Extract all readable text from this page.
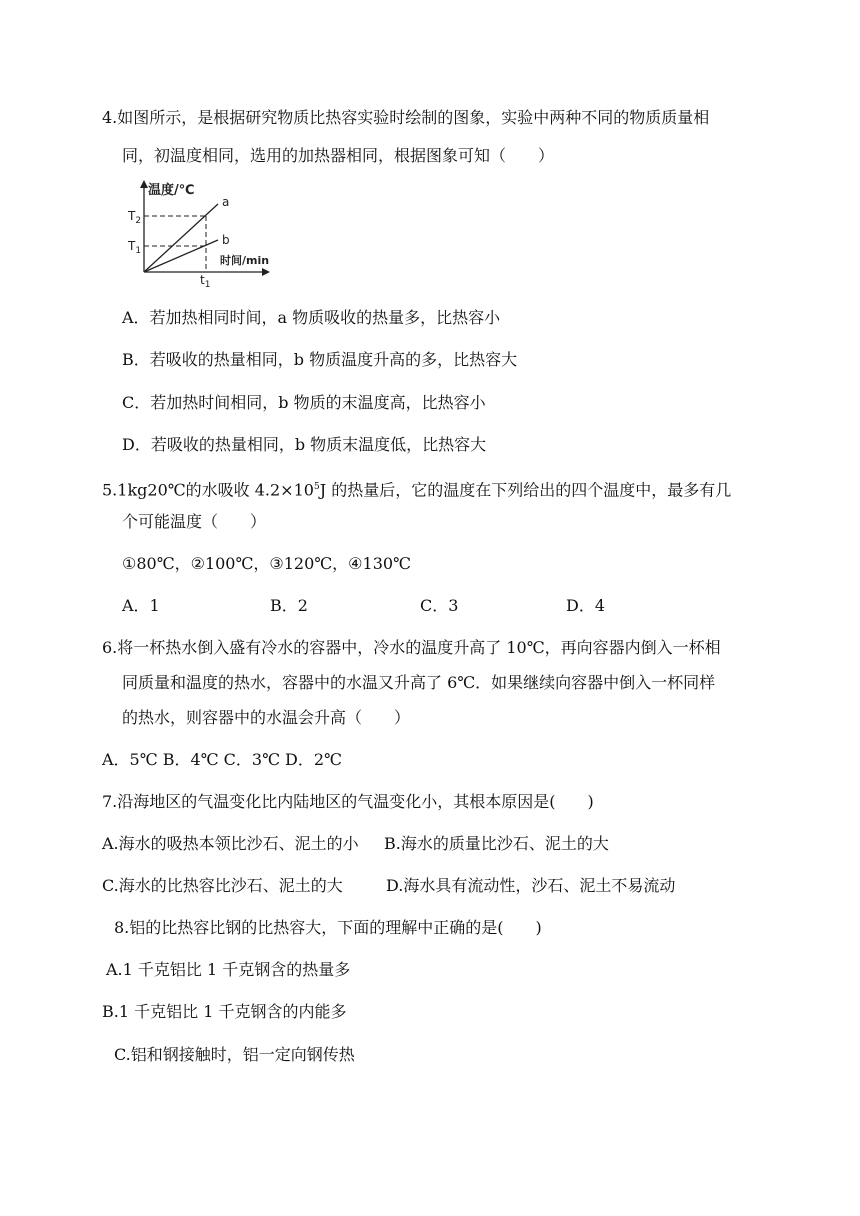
4.如图所示，是根据研究物质比热容实验时绘制的图象，实验中两种不同的物质质量相
同，初温度相同，选用的加热器相同，根据图象可知（　　）
温度/℃
时间/min
a
b
$T_2$
$T_1$
$t_1$
A．若加热相同时间，a 物质吸收的热量多，比热容小
B．若吸收的热量相同，b 物质温度升高的多，比热容大
C．若加热时间相同，b 物质的末温度高，比热容小
D．若吸收的热量相同，b 物质末温度低，比热容大
5.1kg20℃的水吸收 $4.2\times 10^5J$ 的热量后，它的温度在下列给出的四个温度中，最多有几
个可能温度（　　）
①80℃，②100℃，③120℃，④130℃
A．1	B．2	C．3	D．4
6.将一杯热水倒入盛有冷水的容器中，冷水的温度升高了 10℃，再向容器内倒入一杯相
同质量和温度的热水，容器中的水温又升高了 6℃．如果继续向容器中倒入一杯同样
的热水，则容器中的水温会升高（　　）
A．5℃ B．4℃ C．3℃ D．2℃
7.沿海地区的气温变化比内陆地区的气温变化小，其根本原因是(　　)
A.海水的吸热本领比沙石、泥土的小 B.海水的质量比沙石、泥土的大
C.海水的比热容比沙石、泥土的大	D.海水具有流动性，沙石、泥土不易流动
8.铝的比热容比钢的比热容大，下面的理解中正确的是(　　)
A.1 千克铝比 1 千克钢含的热量多
B.1 千克铝比 1 千克钢含的内能多
C.铝和钢接触时，铝一定向钢传热
